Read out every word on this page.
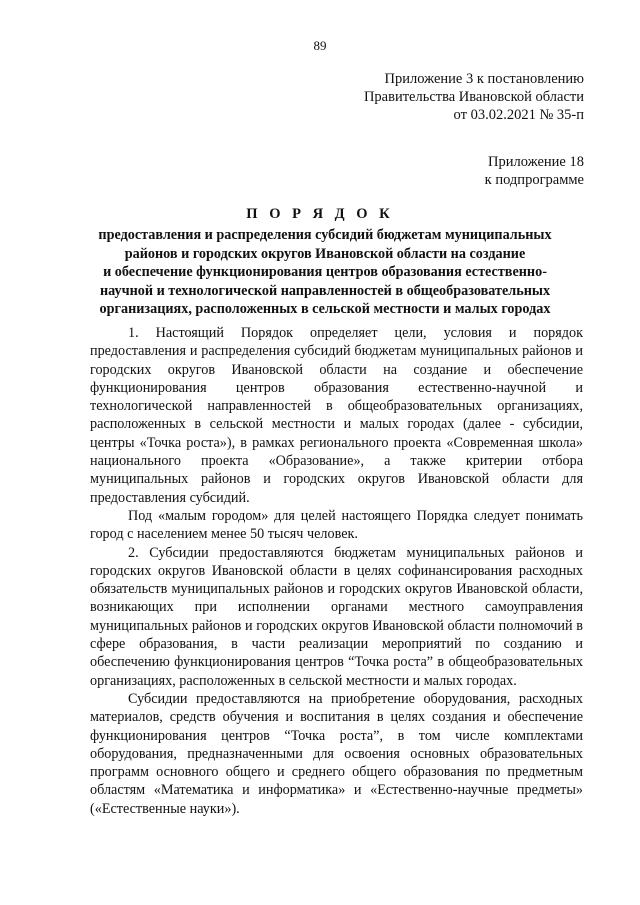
89
Приложение 3 к постановлению
Правительства Ивановской области
от 03.02.2021 № 35-п
Приложение 18
к подпрограмме
П О Р Я Д О К
предоставления и распределения субсидий бюджетам муниципальных
районов и городских округов Ивановской области на создание
и обеспечение функционирования центров образования естественно-
научной и технологической направленностей в общеобразовательных
организациях, расположенных в сельской местности и малых городах

1. Настоящий Порядок определяет цели, условия и порядок предоставления и распределения субсидий бюджетам муниципальных районов и городских округов Ивановской области на создание и обеспечение функционирования центров образования естественно-научной и технологической направленностей в общеобразовательных организациях, расположенных в сельской местности и малых городах (далее - субсидии, центры «Точка роста»), в рамках регионального проекта «Современная школа» национального проекта «Образование», а также критерии отбора муниципальных районов и городских округов Ивановской области для предоставления субсидий.

Под «малым городом» для целей настоящего Порядка следует понимать город с населением менее 50 тысяч человек.

2. Субсидии предоставляются бюджетам муниципальных районов и городских округов Ивановской области в целях софинансирования расходных обязательств муниципальных районов и городских округов Ивановской области, возникающих при исполнении органами местного самоуправления муниципальных районов и городских округов Ивановской области полномочий в сфере образования, в части реализации мероприятий по созданию и обеспечению функционирования центров “Точка роста” в общеобразовательных организациях, расположенных в сельской местности и малых городах.

Субсидии предоставляются на приобретение оборудования, расходных материалов, средств обучения и воспитания в целях создания и обеспечение функционирования центров “Точка роста”, в том числе комплектами оборудования, предназначенными для освоения основных образовательных программ основного общего и среднего общего образования по предметным областям «Математика и информатика» и «Естественно-научные предметы» («Естественные науки»).
